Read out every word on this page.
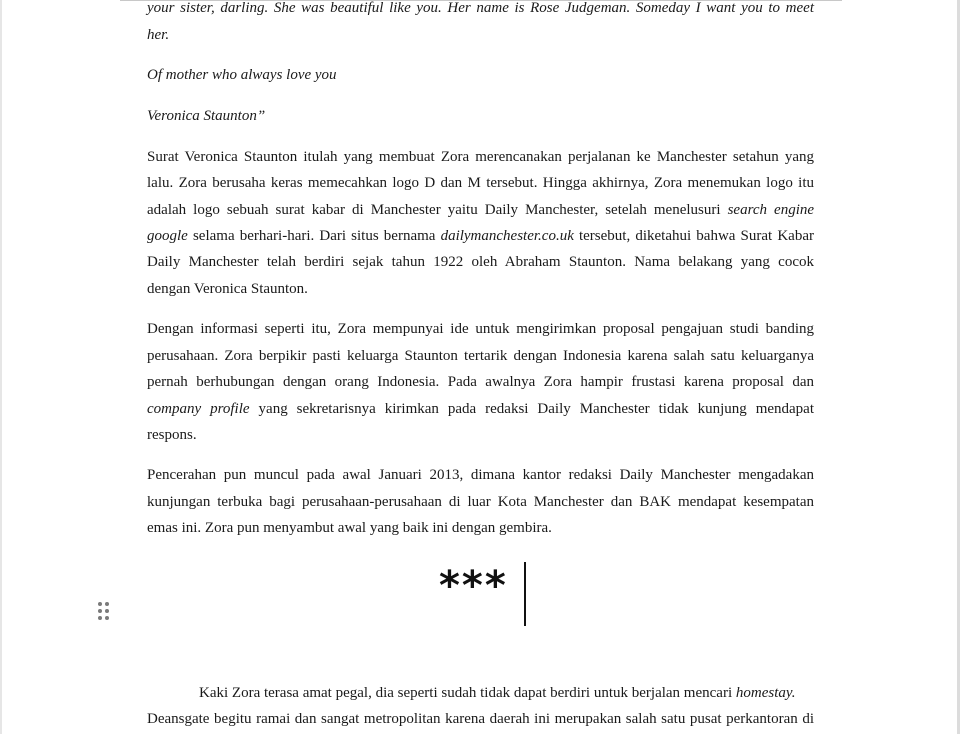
your sister, darling. She was beautiful like you. Her name is Rose Judgeman. Someday I want you to meet
her.
Of mother who always love you
Veronica Staunton”
Surat Veronica Staunton itulah yang membuat Zora merencanakan perjalanan ke Manchester setahun yang
lalu. Zora berusaha keras memecahkan logo D dan M tersebut. Hingga akhirnya, Zora menemukan logo itu
adalah logo sebuah surat kabar di Manchester yaitu Daily Manchester, setelah menelusuri search engine
google selama berhari-hari. Dari situs bernama dailymanchester.co.uk tersebut, diketahui bahwa Surat Kabar
Daily Manchester telah berdiri sejak tahun 1922 oleh Abraham Staunton. Nama belakang yang cocok
dengan Veronica Staunton.
Dengan informasi seperti itu, Zora mempunyai ide untuk mengirimkan proposal pengajuan studi banding
perusahaan. Zora berpikir pasti keluarga Staunton tertarik dengan Indonesia karena salah satu keluarganya
pernah berhubungan dengan orang Indonesia. Pada awalnya Zora hampir frustasi karena proposal dan
company profile yang sekretarisnya kirimkan pada redaksi Daily Manchester tidak kunjung mendapat
respons.
Pencerahan pun muncul pada awal Januari 2013, dimana kantor redaksi Daily Manchester mengadakan
kunjungan terbuka bagi perusahaan-perusahaan di luar Kota Manchester dan BAK mendapat kesempatan
emas ini. Zora pun menyambut awal yang baik ini dengan gembira.
Kaki Zora terasa amat pegal, dia seperti sudah tidak dapat berdiri untuk berjalan mencari homestay.
Deansgate begitu ramai dan sangat metropolitan karena daerah ini merupakan salah satu pusat perkantoran di
***
